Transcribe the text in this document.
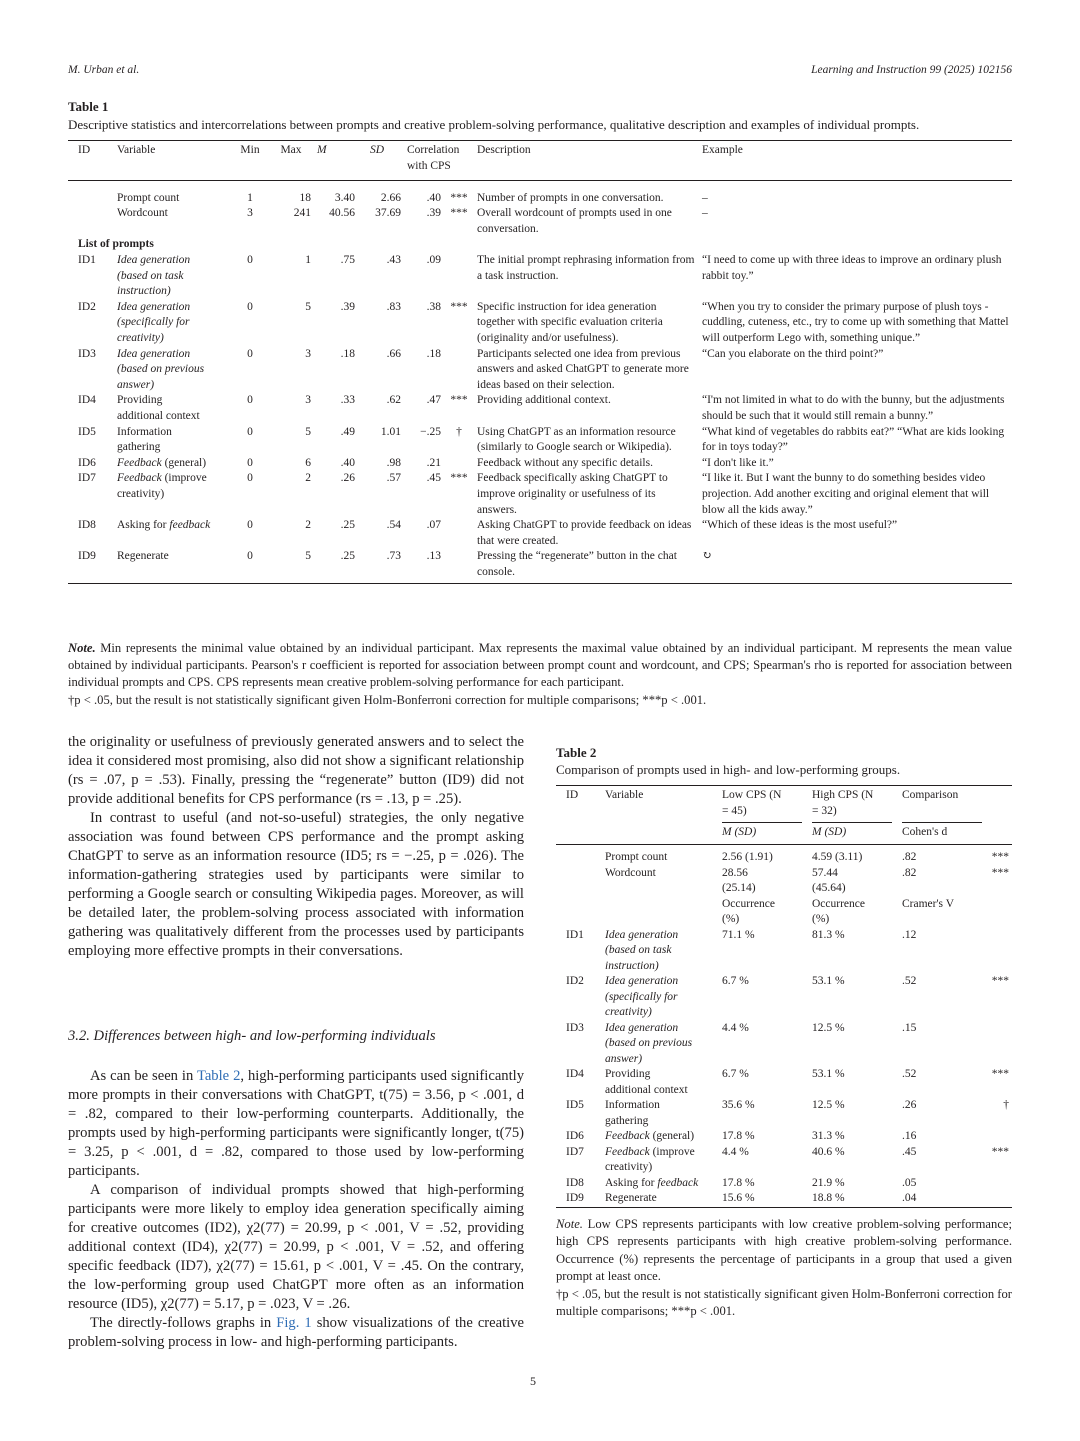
M. Urban et al.	Learning and Instruction 99 (2025) 102156
Table 1
Descriptive statistics and intercorrelations between prompts and creative problem-solving performance, qualitative description and examples of individual prompts.
ID	Variable	Min	Max	M	SD	Correlation
with CPS		Description	Example

	Prompt count	1	18	3.40	2.66	.40	***	Number of prompts in one conversation.	–
	Wordcount	3	241	40.56	37.69	.39	***	Overall wordcount of prompts used in one conversation.	–
List of prompts									
ID1	Idea generation
(based on task
instruction)	0	1	.75	.43	.09		The initial prompt rephrasing information from a task instruction.	“I need to come up with three ideas to improve an ordinary plush rabbit toy.”

ID2	Idea generation
(specifically for
creativity)	0	5	.39	.83	.38	***	Specific instruction for idea generation together with specific evaluation criteria (originality and/or usefulness).	“When you try to consider the primary purpose of plush toys - cuddling, cuteness, etc., try to come up with something that Mattel will outperform Lego with, something unique.”

ID3	Idea generation
(based on previous
answer)	0	3	.18	.66	.18		Participants selected one idea from previous answers and asked ChatGPT to generate more ideas based on their selection.	“Can you elaborate on the third point?”

ID4	Providing
additional context	0	3	.33	.62	.47	***	Providing additional context.	“I'm not limited in what to do with the bunny, but the adjustments should be such that it would still remain a bunny.”

ID5	Information
gathering	0	5	.49	1.01	−.25	†	Using ChatGPT as an information resource (similarly to Google search or Wikipedia).	“What kind of vegetables do rabbits eat?” “What are kids looking for in toys today?”

ID6	Feedback (general)	0	6	.40	.98	.21		Feedback without any specific details.	“I don't like it.”
ID7	Feedback (improve
creativity)	0	2	.26	.57	.45	***	Feedback specifically asking ChatGPT to improve originality or usefulness of its answers.	“I like it. But I want the bunny to do something besides video projection. Add another exciting and original element that will blow all the kids away.”

ID8	Asking for feedback	0	2	.25	.54	.07		Asking ChatGPT to provide feedback on ideas that were created.	“Which of these ideas is the most useful?”

ID9	Regenerate	0	5	.25	.73	.13		Pressing the “regenerate” button in the chat console.	↻
Note. Min represents the minimal value obtained by an individual participant. Max represents the maximal value obtained by an individual participant. M represents the mean value obtained by individual participants. Pearson's r coefficient is reported for association between prompt count and wordcount, and CPS; Spearman's rho is reported for association between individual prompts and CPS. CPS represents mean creative problem-solving performance for each participant.
†p < .05, but the result is not statistically significant given Holm-Bonferroni correction for multiple comparisons; ***p < .001.

the originality or usefulness of previously generated answers and to select the idea it considered most promising, also did not show a significant relationship (rs = .07, p = .53). Finally, pressing the “regenerate” button (ID9) did not provide additional benefits for CPS performance (rs = .13, p = .25).

In contrast to useful (and not-so-useful) strategies, the only negative association was found between CPS performance and the prompt asking ChatGPT to serve as an information resource (ID5; rs = −.25, p = .026). The information-gathering strategies used by participants were similar to performing a Google search or consulting Wikipedia pages. Moreover, as will be detailed later, the problem-solving process associated with information gathering was qualitatively different from the processes used by participants employing more effective prompts in their conversations.

3.2. Differences between high- and low-performing individuals

As can be seen in Table 2, high-performing participants used significantly more prompts in their conversations with ChatGPT, t(75) = 3.56, p < .001, d = .82, compared to their low-performing counterparts. Additionally, the prompts used by high-performing participants were significantly longer, t(75) = 3.25, p < .001, d = .82, compared to those used by low-performing participants.

A comparison of individual prompts showed that high-performing participants were more likely to employ idea generation specifically aiming for creative outcomes (ID2), χ2(77) = 20.99, p < .001, V = .52, providing additional context (ID4), χ2(77) = 20.99, p < .001, V = .52, and offering specific feedback (ID7), χ2(77) = 15.61, p < .001, V = .45. On the contrary, the low-performing group used ChatGPT more often as an information resource (ID5), χ2(77) = 5.17, p = .023, V = .26.

The directly-follows graphs in Fig. 1 show visualizations of the creative problem-solving process in low- and high-performing participants.

Table 2
Comparison of prompts used in high- and low-performing groups.
ID	Variable	Low CPS (N
= 45)	High CPS (N
= 32)	Comparison	

		M (SD)	M (SD)	Cohen's d	

	Prompt count	2.56 (1.91)	4.59 (3.11)	.82	***
	Wordcount	28.56
(25.14)	57.44
(45.64)	.82	***
		Occurrence
(%)	Occurrence
(%)	Cramer's V	
ID1	Idea generation
(based on task
instruction)	71.1 %	81.3 %	.12	
ID2	Idea generation
(specifically for
creativity)	6.7 %	53.1 %	.52	***
ID3	Idea generation
(based on previous
answer)	4.4 %	12.5 %	.15	
ID4	Providing
additional context	6.7 %	53.1 %	.52	***
ID5	Information
gathering	35.6 %	12.5 %	.26	†
ID6	Feedback (general)	17.8 %	31.3 %	.16	
ID7	Feedback (improve
creativity)	4.4 %	40.6 %	.45	***
ID8	Asking for feedback	17.8 %	21.9 %	.05	
ID9	Regenerate	15.6 %	18.8 %	.04	
Note. Low CPS represents participants with low creative problem-solving performance; high CPS represents participants with high creative problem-solving performance. Occurrence (%) represents the percentage of participants in a group that used a given prompt at least once.
†p < .05, but the result is not statistically significant given Holm-Bonferroni correction for multiple comparisons; ***p < .001.
5
